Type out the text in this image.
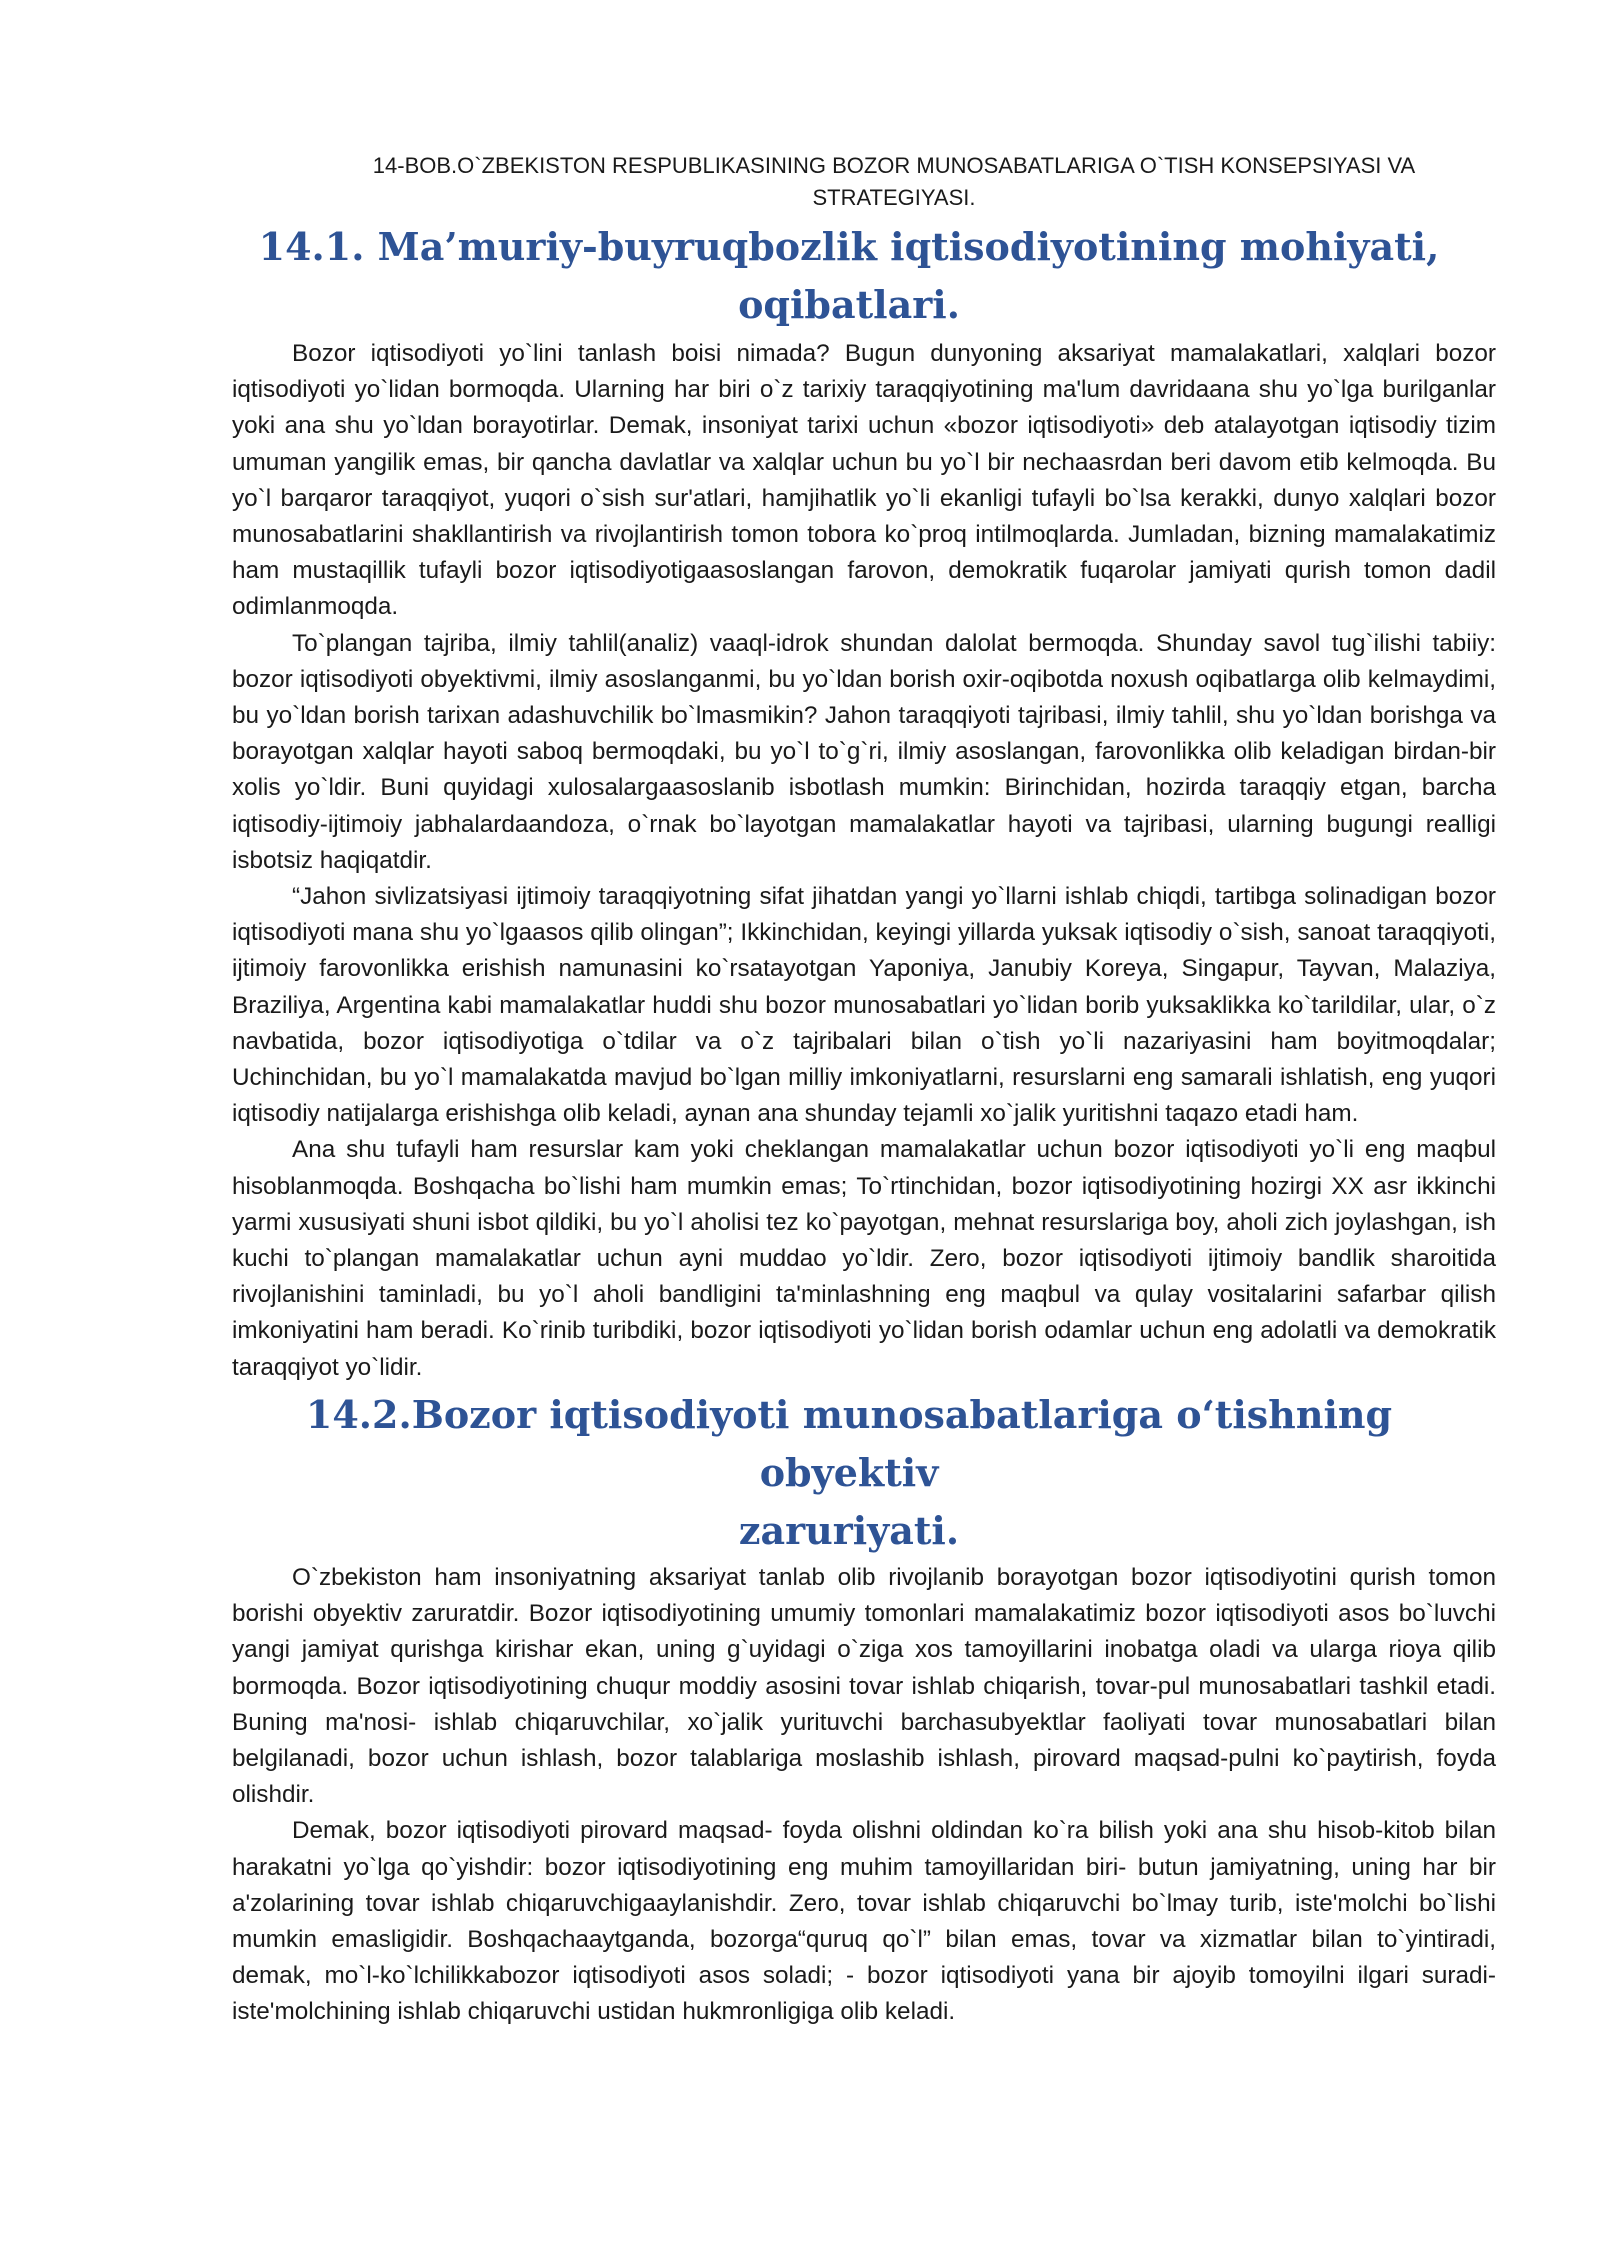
14-BOB.O`ZBEKISTON RESPUBLIKASINING BOZOR MUNOSABATLARIGA O`TISH KONSEPSIYASI VA STRATEGIYASI.
14.1. Ma’muriy-buyruqbozlik iqtisodiyotining mohiyati,
oqibatlari.

Bozor iqtisodiyoti yo`lini tanlash boisi nimada? Bugun dunyoning aksariyat mamalakatlari, xalqlari bozor iqtisodiyoti yo`lidan bormoqda. Ularning har biri o`z tarixiy taraqqiyotining ma'lum davridaana shu yo`lga burilganlar yoki ana shu yo`ldan borayotirlar. Demak, insoniyat tarixi uchun «bozor iqtisodiyoti» deb atalayotgan iqtisodiy tizim umuman yangilik emas, bir qancha davlatlar va xalqlar uchun bu yo`l bir nechaasrdan beri davom etib kelmoqda. Bu yo`l barqaror taraqqiyot, yuqori o`sish sur'atlari, hamjihatlik yo`li ekanligi tufayli bo`lsa kerakki, dunyo xalqlari bozor munosabatlarini shakllantirish va rivojlantirish tomon tobora ko`proq intilmoqlarda. Jumladan, bizning mamalakatimiz ham mustaqillik tufayli bozor iqtisodiyotigaasoslangan farovon, demokratik fuqarolar jamiyati qurish tomon dadil odimlanmoqda.

To`plangan tajriba, ilmiy tahlil(analiz) vaaql-idrok shundan dalolat bermoqda. Shunday savol tug`ilishi tabiiy: bozor iqtisodiyoti obyektivmi, ilmiy asoslanganmi, bu yo`ldan borish oxir-oqibotda noxush oqibatlarga olib kelmaydimi, bu yo`ldan borish tarixan adashuvchilik bo`lmasmikin? Jahon taraqqiyoti tajribasi, ilmiy tahlil, shu yo`ldan borishga va borayotgan xalqlar hayoti saboq bermoqdaki, bu yo`l to`g`ri, ilmiy asoslangan, farovonlikka olib keladigan birdan-bir xolis yo`ldir. Buni quyidagi xulosalargaasoslanib isbotlash mumkin: Birinchidan, hozirda taraqqiy etgan, barcha iqtisodiy-ijtimoiy jabhalardaandoza, o`rnak bo`layotgan mamalakatlar hayoti va tajribasi, ularning bugungi realligi isbotsiz haqiqatdir.

“Jahon sivlizatsiyasi ijtimoiy taraqqiyotning sifat jihatdan yangi yo`llarni ishlab chiqdi, tartibga solinadigan bozor iqtisodiyoti mana shu yo`lgaasos qilib olingan”; Ikkinchidan, keyingi yillarda yuksak iqtisodiy o`sish, sanoat taraqqiyoti, ijtimoiy farovonlikka erishish namunasini ko`rsatayotgan Yaponiya, Janubiy Koreya, Singapur, Tayvan, Malaziya, Braziliya, Argentina kabi mamalakatlar huddi shu bozor munosabatlari yo`lidan borib yuksaklikka ko`tarildilar, ular, o`z navbatida, bozor iqtisodiyotiga o`tdilar va o`z tajribalari bilan o`tish yo`li nazariyasini ham boyitmoqdalar; Uchinchidan, bu yo`l mamalakatda mavjud bo`lgan milliy imkoniyatlarni, resurslarni eng samarali ishlatish, eng yuqori iqtisodiy natijalarga erishishga olib keladi, aynan ana shunday tejamli xo`jalik yuritishni taqazo etadi ham.

Ana shu tufayli ham resurslar kam yoki cheklangan mamalakatlar uchun bozor iqtisodiyoti yo`li eng maqbul hisoblanmoqda. Boshqacha bo`lishi ham mumkin emas; To`rtinchidan, bozor iqtisodiyotining hozirgi XX asr ikkinchi yarmi xususiyati shuni isbot qildiki, bu yo`l aholisi tez ko`payotgan, mehnat resurslariga boy, aholi zich joylashgan, ish kuchi to`plangan mamalakatlar uchun ayni muddao yo`ldir. Zero, bozor iqtisodiyoti ijtimoiy bandlik sharoitida rivojlanishini taminladi, bu yo`l aholi bandligini ta'minlashning eng maqbul va qulay vositalarini safarbar qilish imkoniyatini ham beradi. Ko`rinib turibdiki, bozor iqtisodiyoti yo`lidan borish odamlar uchun eng adolatli va demokratik taraqqiyot yo`lidir.

14.2.Bozor iqtisodiyoti munosabatlariga o‘tishning obyektiv
zaruriyati.

O`zbekiston ham insoniyatning aksariyat tanlab olib rivojlanib borayotgan bozor iqtisodiyotini qurish tomon borishi obyektiv zaruratdir. Bozor iqtisodiyotining umumiy tomonlari mamalakatimiz bozor iqtisodiyoti asos bo`luvchi yangi jamiyat qurishga kirishar ekan, uning g`uyidagi o`ziga xos tamoyillarini inobatga oladi va ularga rioya qilib bormoqda. Bozor iqtisodiyotining chuqur moddiy asosini tovar ishlab chiqarish, tovar-pul munosabatlari tashkil etadi. Buning ma'nosi- ishlab chiqaruvchilar, xo`jalik yurituvchi barchasubyektlar faoliyati tovar munosabatlari bilan belgilanadi, bozor uchun ishlash, bozor talablariga moslashib ishlash, pirovard maqsad-pulni ko`paytirish, foyda olishdir.

Demak, bozor iqtisodiyoti pirovard maqsad- foyda olishni oldindan ko`ra bilish yoki ana shu hisob-kitob bilan harakatni yo`lga qo`yishdir: bozor iqtisodiyotining eng muhim tamoyillaridan biri- butun jamiyatning, uning har bir a'zolarining tovar ishlab chiqaruvchigaaylanishdir. Zero, tovar ishlab chiqaruvchi bo`lmay turib, iste'molchi bo`lishi mumkin emasligidir. Boshqachaaytganda, bozorga“quruq qo`l” bilan emas, tovar va xizmatlar bilan to`yintiradi, demak, mo`l-ko`lchilikkabozor iqtisodiyoti asos soladi; - bozor iqtisodiyoti yana bir ajoyib tomoyilni ilgari suradi- iste'molchining ishlab chiqaruvchi ustidan hukmronligiga olib keladi.
